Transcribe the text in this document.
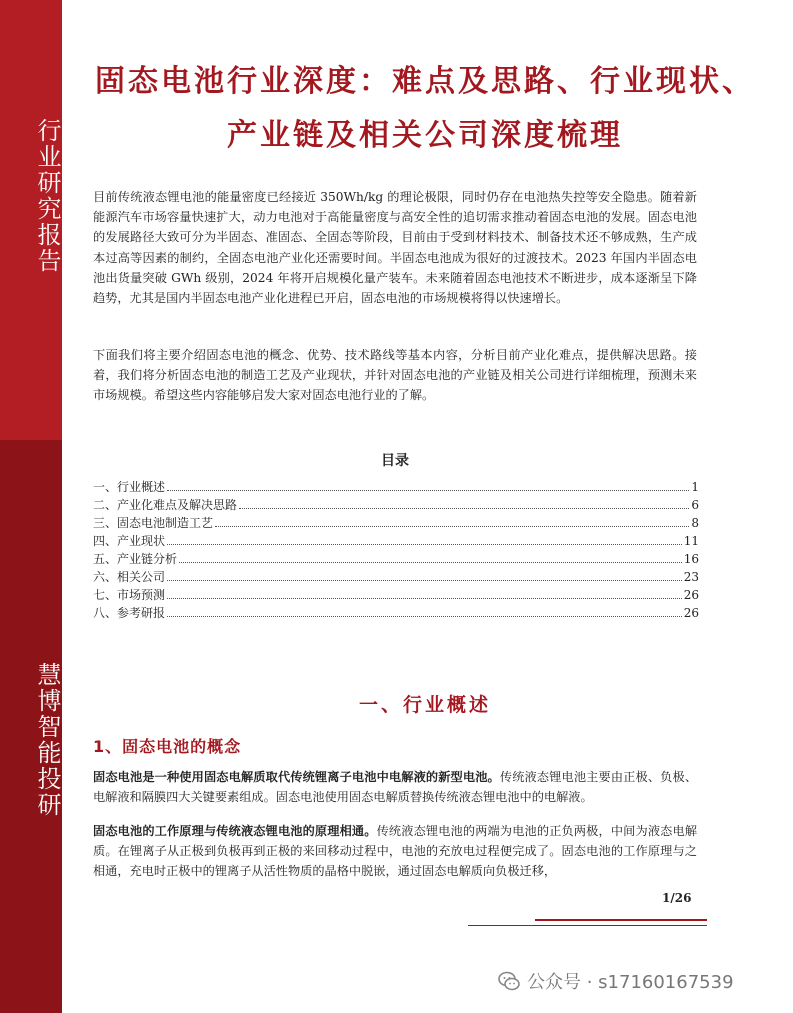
行业研究报告
慧博智能投研
固态电池行业深度：难点及思路、行业现状、
产业链及相关公司深度梳理
目前传统液态锂电池的能量密度已经接近 350Wh/kg 的理论极限，同时仍存在电池热失控等安全隐患。随着新能源汽车市场容量快速扩大，动力电池对于高能量密度与高安全性的追切需求推动着固态电池的发展。固态电池的发展路径大致可分为半固态、准固态、全固态等阶段，目前由于受到材料技术、制备技术还不够成熟，生产成本过高等因素的制约，全固态电池产业化还需要时间。半固态电池成为很好的过渡技术。2023 年国内半固态电池出货量突破 GWh 级别，2024 年将开启规模化量产装车。未来随着固态电池技术不断进步，成本逐渐呈下降趋势，尤其是国内半固态电池产业化进程已开启，固态电池的市场规模将得以快速增长。
下面我们将主要介绍固态电池的概念、优势、技术路线等基本内容，分析目前产业化难点，提供解决思路。接着，我们将分析固态电池的制造工艺及产业现状，并针对固态电池的产业链及相关公司进行详细梳理，预测未来市场规模。希望这些内容能够启发大家对固态电池行业的了解。
目录
一、行业概述	1
二、产业化难点及解决思路	6
三、固态电池制造工艺	8
四、产业现状	11
五、产业链分析	16
六、相关公司	23
七、市场预测	26
八、参考研报	26
一、行业概述
1、固态电池的概念
固态电池是一种使用固态电解质取代传统锂离子电池中电解液的新型电池。传统液态锂电池主要由正极、负极、电解液和隔膜四大关键要素组成。固态电池使用固态电解质替换传统液态锂电池中的电解液。
固态电池的工作原理与传统液态锂电池的原理相通。传统液态锂电池的两端为电池的正负两极，中间为液态电解质。在锂离子从正极到负极再到正极的来回移动过程中，电池的充放电过程便完成了。固态电池的工作原理与之相通，充电时正极中的锂离子从活性物质的晶格中脱嵌，通过固态电解质向负极迁移，
1/26
公众号 · s17160167539
